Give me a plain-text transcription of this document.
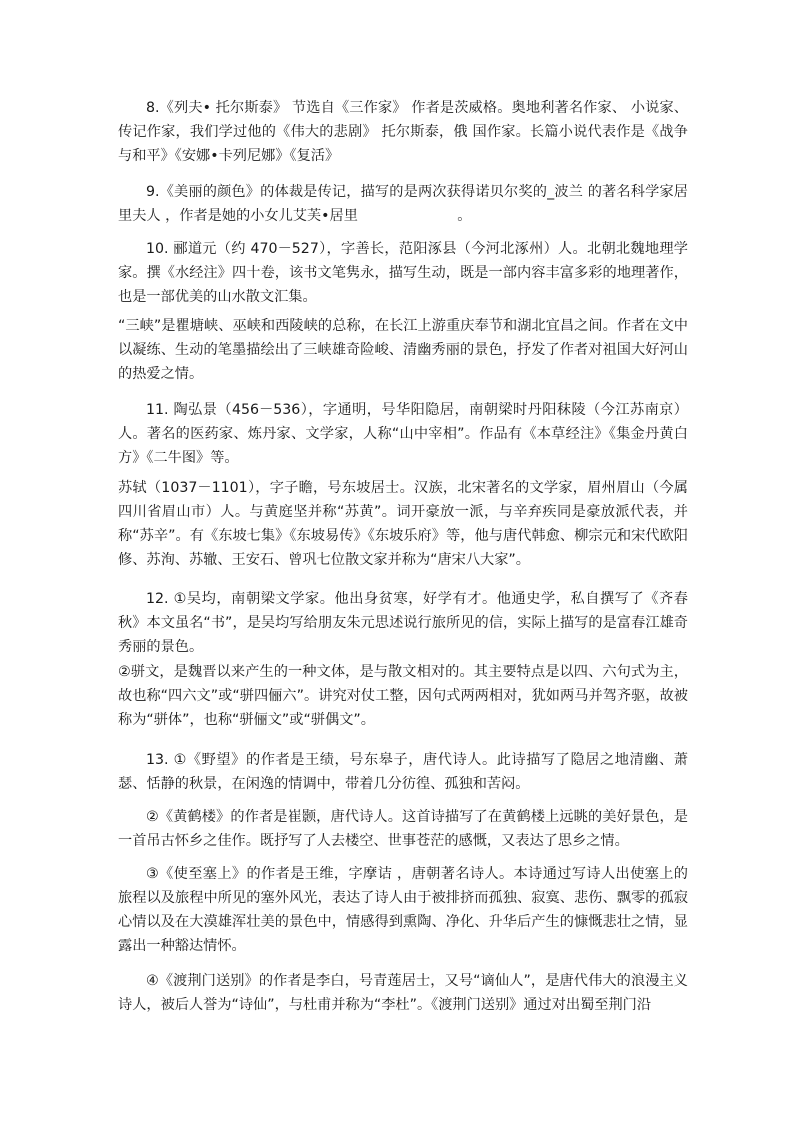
8.《列夫• 托尔斯泰》 节选自《三作家》 作者是茨威格。奥地利著名作家、 小说家、传记作家，我们学过他的《伟大的悲剧》 托尔斯泰，俄 国作家。长篇小说代表作是《战争与和平》《安娜•卡列尼娜》《复活》

9.《美丽的颜色》的体裁是传记，描写的是两次获得诺贝尔奖的_波兰 的著名科学家居里夫人 ，作者是她的小女儿艾芙•居里　　　　　　　。

10. 郦道元（约 470－527），字善长，范阳涿县（今河北涿州）人。北朝北魏地理学家。撰《水经注》四十卷，该书文笔隽永，描写生动，既是一部内容丰富多彩的地理著作，也是一部优美的山水散文汇集。

“三峡”是瞿塘峡、巫峡和西陵峡的总称，在长江上游重庆奉节和湖北宜昌之间。作者在文中以凝练、生动的笔墨描绘出了三峡雄奇险峻、清幽秀丽的景色，抒发了作者对祖国大好河山的热爱之情。

11. 陶弘景（456－536），字通明，号华阳隐居，南朝梁时丹阳秣陵（今江苏南京）人。著名的医药家、炼丹家、文学家，人称“山中宰相”。作品有《本草经注》《集金丹黄白方》《二牛图》等。

苏轼（1037－1101），字子瞻，号东坡居士。汉族，北宋著名的文学家，眉州眉山（今属四川省眉山市）人。与黄庭坚并称“苏黄”。词开豪放一派，与辛弃疾同是豪放派代表，并称“苏辛”。有《东坡七集》《东坡易传》《东坡乐府》等，他与唐代韩愈、柳宗元和宋代欧阳修、苏洵、苏辙、王安石、曾巩七位散文家并称为“唐宋八大家”。

12. ①吴均，南朝梁文学家。他出身贫寒，好学有才。他通史学，私自撰写了《齐春秋》本文虽名“书”，是吴均写给朋友朱元思述说行旅所见的信，实际上描写的是富春江雄奇秀丽的景色。

②骈文，是魏晋以来产生的一种文体，是与散文相对的。其主要特点是以四、六句式为主，故也称“四六文”或“骈四俪六”。讲究对仗工整，因句式两两相对，犹如两马并驾齐驱，故被称为“骈体”，也称“骈俪文”或“骈偶文”。

13. ①《野望》的作者是王绩，号东皋子，唐代诗人。此诗描写了隐居之地清幽、萧瑟、恬静的秋景，在闲逸的情调中，带着几分彷徨、孤独和苦闷。

②《黄鹤楼》的作者是崔颢，唐代诗人。这首诗描写了在黄鹤楼上远眺的美好景色，是一首吊古怀乡之佳作。既抒写了人去楼空、世事苍茫的感慨，又表达了思乡之情。

③《使至塞上》的作者是王维，字摩诘 ，唐朝著名诗人。本诗通过写诗人出使塞上的旅程以及旅程中所见的塞外风光，表达了诗人由于被排挤而孤独、寂寞、悲伤、飘零的孤寂心情以及在大漠雄浑壮美的景色中，情感得到熏陶、净化、升华后产生的慷慨悲壮之情，显露出一种豁达情怀。

④《渡荆门送别》的作者是李白，号青莲居士，又号“谪仙人”，是唐代伟大的浪漫主义诗人，被后人誉为“诗仙”，与杜甫并称为“李杜”。《渡荆门送别》通过对出蜀至荆门沿
